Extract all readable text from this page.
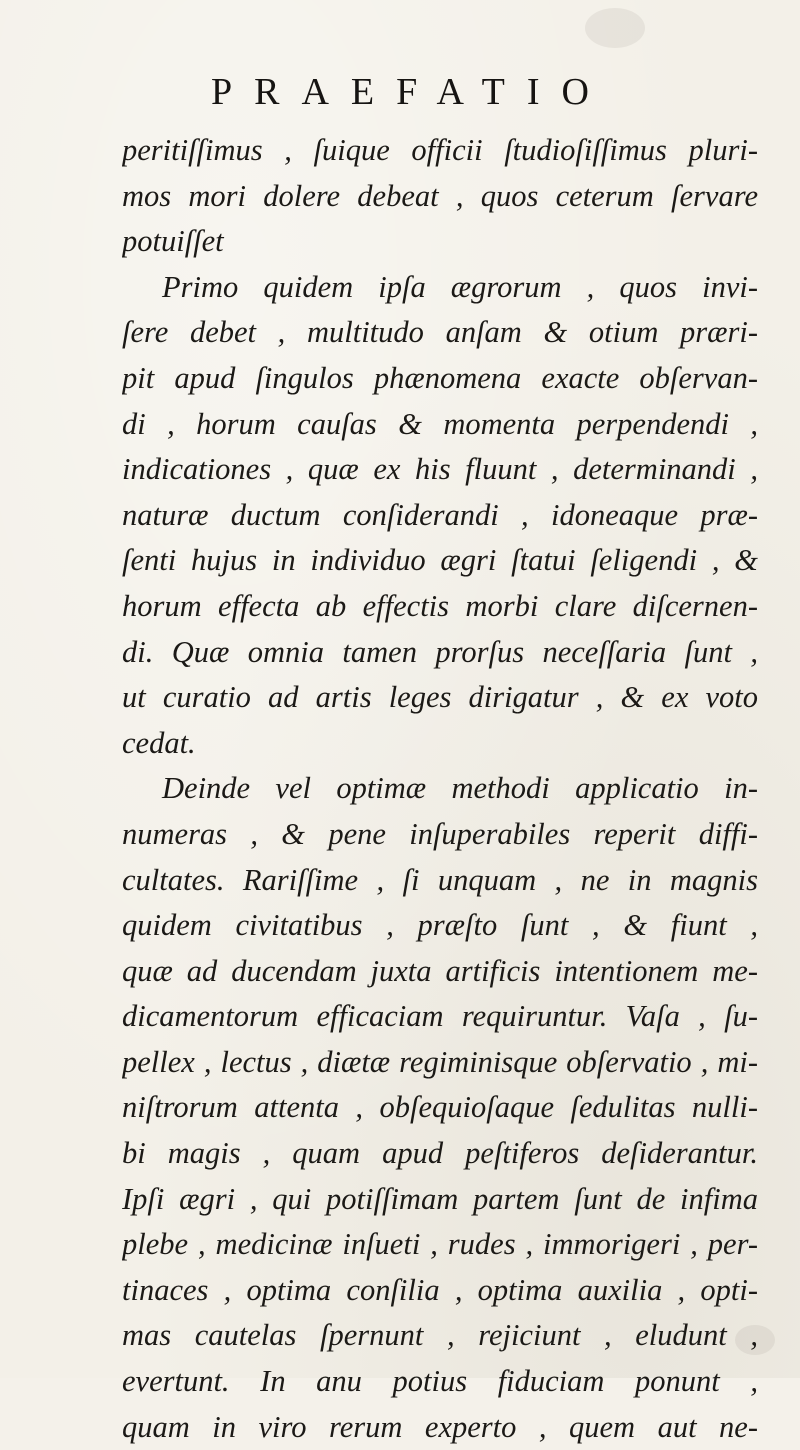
PRAEFATIO
peritiſſimus , ſuique officii ſtudioſiſſimus pluri-
mos mori dolere debeat , quos ceterum ſervare
potuiſſet
Primo quidem ipſa ægrorum , quos invi-
ſere debet , multitudo anſam & otium præri-
pit apud ſingulos phænomena exacte obſervan-
di , horum cauſas & momenta perpendendi ,
indicationes , quæ ex his fluunt , determinandi ,
naturæ ductum conſiderandi , idoneaque præ-
ſenti hujus in individuo ægri ſtatui ſeligendi , &
horum effecta ab effectis morbi clare diſcernen-
di. Quæ omnia tamen prorſus neceſſaria ſunt ,
ut curatio ad artis leges dirigatur , & ex voto
cedat.
Deinde vel optimæ methodi applicatio in-
numeras , & pene inſuperabiles reperit diffi-
cultates. Rariſſime , ſi unquam , ne in magnis
quidem civitatibus , præſto ſunt , & fiunt ,
quæ ad ducendam juxta artificis intentionem me-
dicamentorum efficaciam requiruntur. Vaſa , ſu-
pellex , lectus , diætæ regiminisque obſervatio , mi-
niſtrorum attenta , obſequioſaque ſedulitas nulli-
bi magis , quam apud peſtiferos deſiderantur.
Ipſi ægri , qui potiſſimam partem ſunt de infima
plebe , medicinæ inſueti , rudes , immorigeri , per-
tinaces , optima conſilia , optima auxilia , opti-
mas cautelas ſpernunt , rejiciunt , eludunt ,
evertunt. In anu potius fiduciam ponunt ,
quam in viro rerum experto , quem aut ne-
